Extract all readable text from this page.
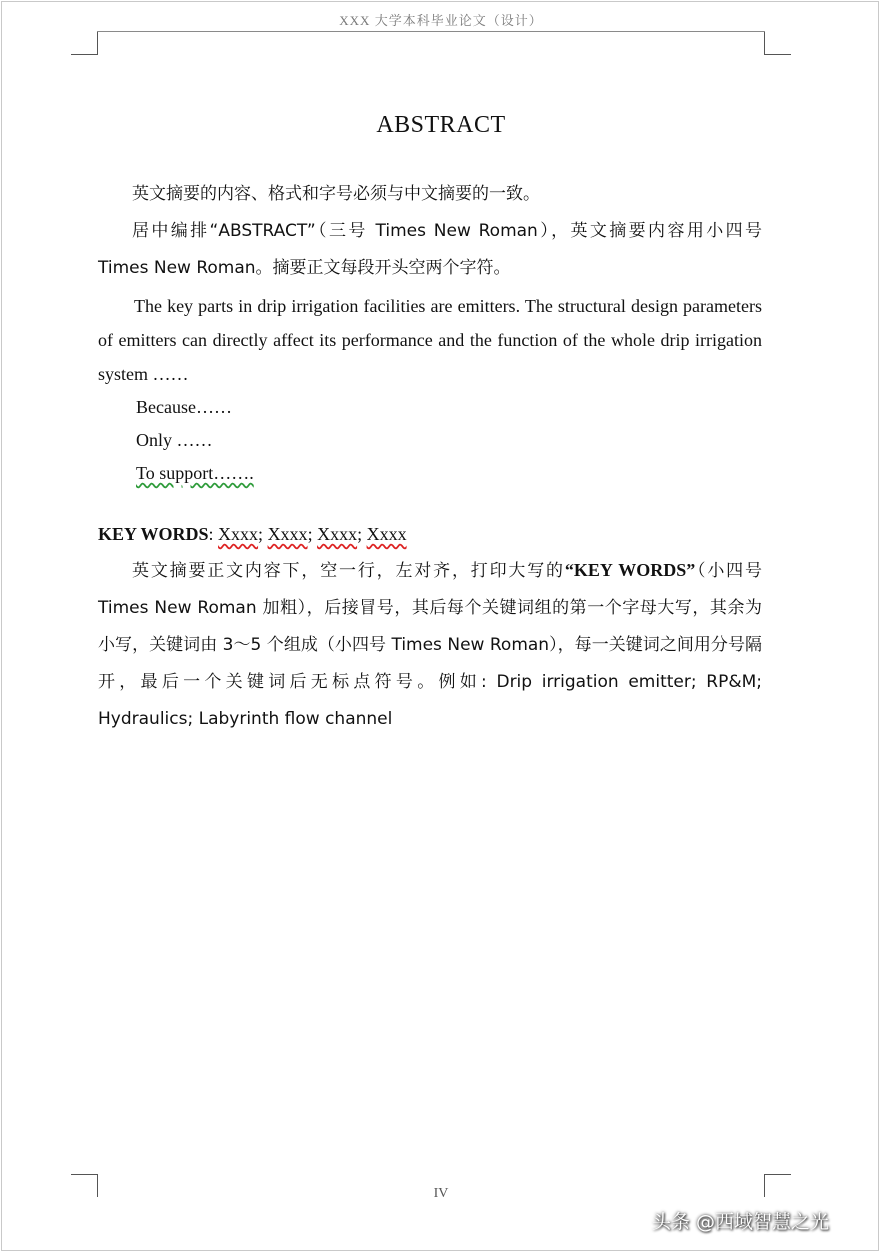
XXX 大学本科毕业论文（设计）
ABSTRACT

英文摘要的内容、格式和字号必须与中文摘要的一致。

居中编排“ABSTRACT”（三号 Times New Roman），英文摘要内容用小四号 Times New Roman。摘要正文每段开头空两个字符。

The key parts in drip irrigation facilities are emitters. The structural design parameters of emitters can directly affect its performance and the function of the whole drip irrigation system ……

Because……

Only ……

To support…….

KEY WORDS: Xxxx; Xxxx; Xxxx; Xxxx

英文摘要正文内容下，空一行，左对齐，打印大写的“KEY WORDS”（小四号 Times New Roman 加粗），后接冒号，其后每个关键词组的第一个字母大写，其余为小写，关键词由 3～5 个组成（小四号 Times New Roman），每一关键词之间用分号隔开，最后一个关键词后无标点符号。例如: Drip irrigation emitter; RP&M; Hydraulics; Labyrinth flow channel

IV
头条 @西域智慧之光
